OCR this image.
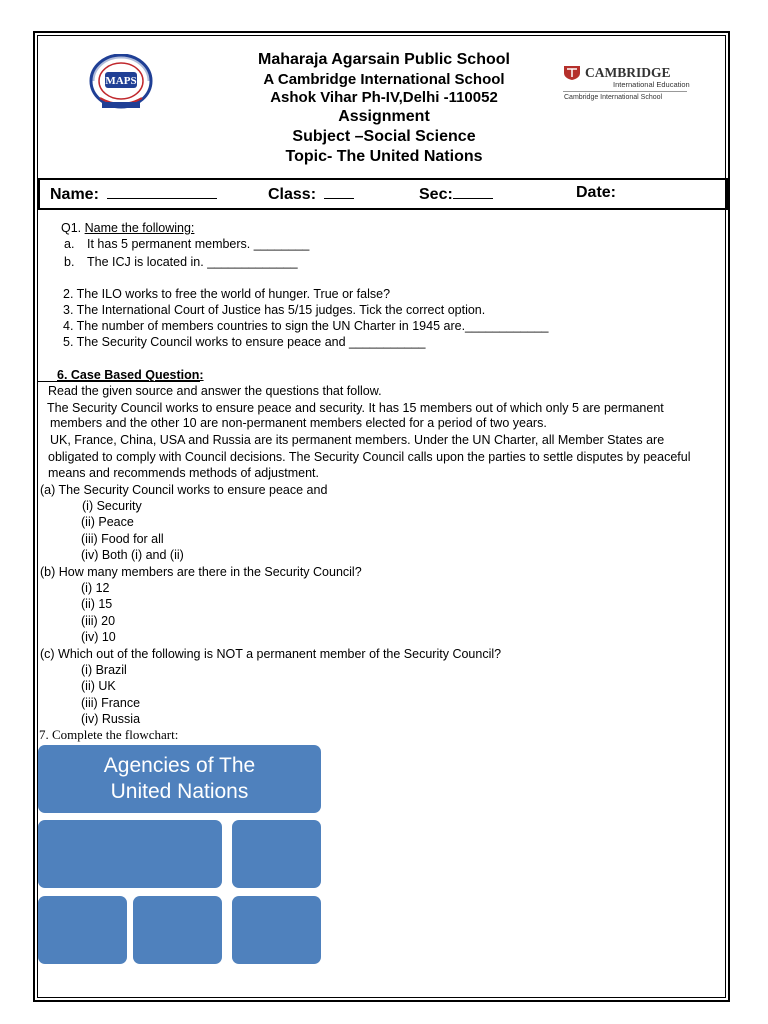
MAPS
CAMBRIDGE
International Education
Cambridge International School
Maharaja Agarsain Public School
A Cambridge International School
Ashok Vihar Ph-IV,Delhi -110052
Assignment
Subject –Social Science
Topic- The United Nations
Name:	Class:	Sec:	Date:
Q1. Name the following:
a. It has 5 permanent members. ________
b. The ICJ is located in. _____________
2. The ILO works to free the world of hunger. True or false?
3. The International Court of Justice has 5/15 judges. Tick the correct option.
4. The number of members countries to sign the UN Charter in 1945 are.____________
5. The Security Council works to ensure peace and ___________
6. Case Based Question:
Read the given source and answer the questions that follow.
The Security Council works to ensure peace and security. It has 15 members out of which only 5 are permanent
members and the other 10 are non-permanent members elected for a period of two years.
UK, France, China, USA and Russia are its permanent members. Under the UN Charter, all Member States are
obligated to comply with Council decisions. The Security Council calls upon the parties to settle disputes by peaceful
means and recommends methods of adjustment.
(a) The Security Council works to ensure peace and
(i) Security
(ii) Peace
(iii) Food for all
(iv) Both (i) and (ii)
(b) How many members are there in the Security Council?
(i) 12
(ii) 15
(iii) 20
(iv) 10
(c) Which out of the following is NOT a permanent member of the Security Council?
(i) Brazil
(ii) UK
(iii) France
(iv) Russia
7. Complete the flowchart:
Agencies of The United Nations
